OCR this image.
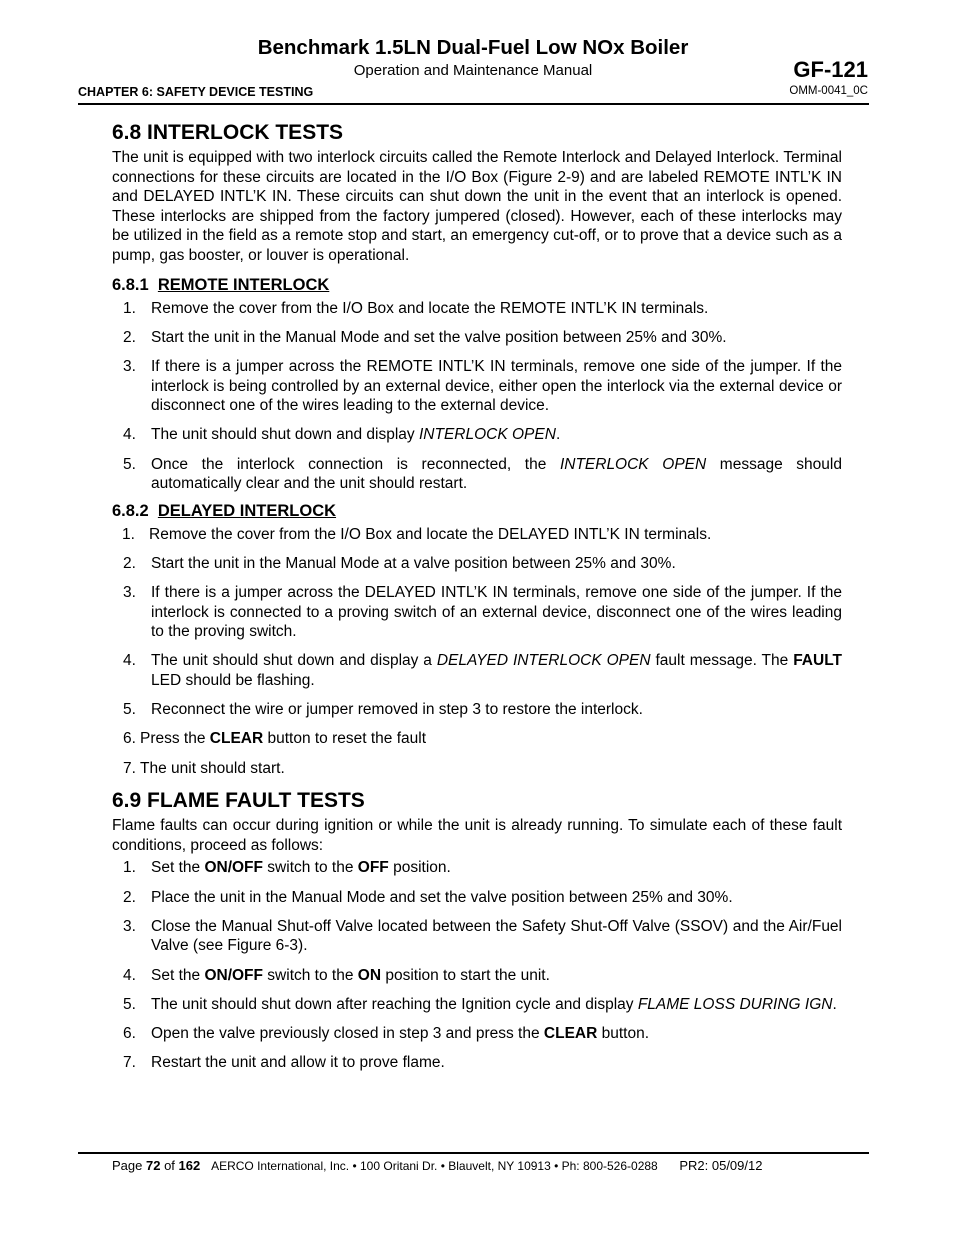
Benchmark 1.5LN Dual-Fuel Low NOx Boiler
Operation and Maintenance Manual
CHAPTER 6: SAFETY DEVICE TESTING
GF-121
OMM-0041_0C
6.8 INTERLOCK TESTS

The unit is equipped with two interlock circuits called the Remote Interlock and Delayed Interlock. Terminal connections for these circuits are located in the I/O Box (Figure 2-9) and are labeled REMOTE INTL’K IN and DELAYED INTL’K IN. These circuits can shut down the unit in the event that an interlock is opened. These interlocks are shipped from the factory jumpered (closed). However, each of these interlocks may be utilized in the field as a remote stop and start, an emergency cut-off, or to prove that a device such as a pump, gas booster, or louver is operational.

6.8.1 REMOTE INTERLOCK
1. Remove the cover from the I/O Box and locate the REMOTE INTL’K IN terminals.
2. Start the unit in the Manual Mode and set the valve position between 25% and 30%.
3. If there is a jumper across the REMOTE INTL’K IN terminals, remove one side of the jumper. If the interlock is being controlled by an external device, either open the interlock via the external device or disconnect one of the wires leading to the external device.
4. The unit should shut down and display INTERLOCK OPEN.
5. Once the interlock connection is reconnected, the INTERLOCK OPEN message should automatically clear and the unit should restart.
6.8.2 DELAYED INTERLOCK
1. Remove the cover from the I/O Box and locate the DELAYED INTL’K IN terminals.
2. Start the unit in the Manual Mode at a valve position between 25% and 30%.
3. If there is a jumper across the DELAYED INTL’K IN terminals, remove one side of the jumper. If the interlock is connected to a proving switch of an external device, disconnect one of the wires leading to the proving switch.
4. The unit should shut down and display a DELAYED INTERLOCK OPEN fault message. The FAULT LED should be flashing.
5. Reconnect the wire or jumper removed in step 3 to restore the interlock.
6. Press the CLEAR button to reset the fault
7. The unit should start.
6.9 FLAME FAULT TESTS

Flame faults can occur during ignition or while the unit is already running. To simulate each of these fault conditions, proceed as follows:

1. Set the ON/OFF switch to the OFF position.
2. Place the unit in the Manual Mode and set the valve position between 25% and 30%.
3. Close the Manual Shut-off Valve located between the Safety Shut-Off Valve (SSOV) and the Air/Fuel Valve (see Figure 6-3).
4. Set the ON/OFF switch to the ON position to start the unit.
5. The unit should shut down after reaching the Ignition cycle and display FLAME LOSS DURING IGN.
6. Open the valve previously closed in step 3 and press the CLEAR button.
7. Restart the unit and allow it to prove flame.
Page 72 of 162 AERCO International, Inc. • 100 Oritani Dr. • Blauvelt, NY 10913 • Ph: 800-526-0288 PR2: 05/09/12
